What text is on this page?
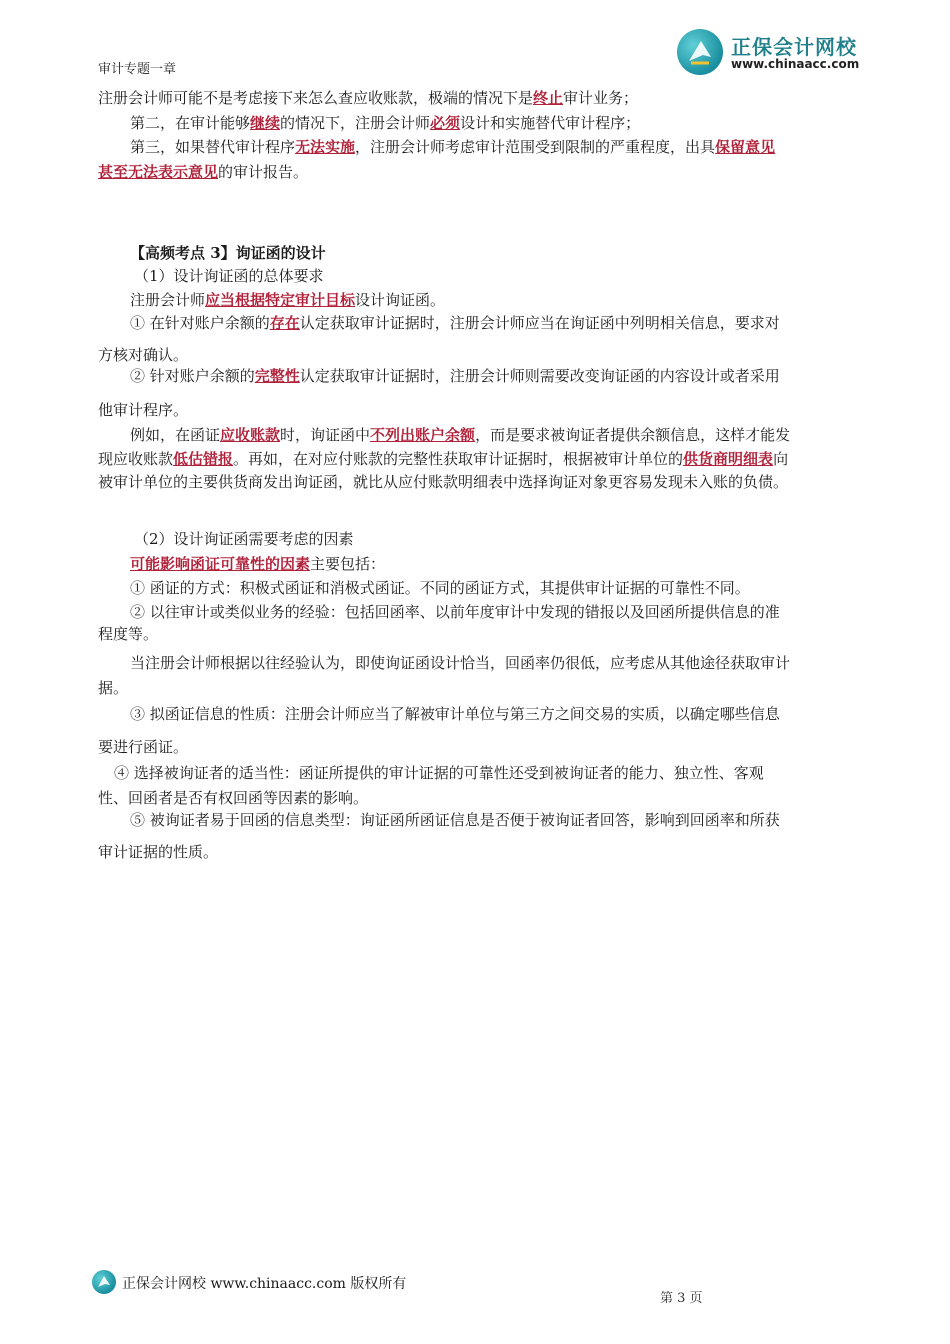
审计专题一章
正保会计网校
www.chinaacc.com
注册会计师可能不是考虑接下来怎么查应收账款，极端的情况下是终止审计业务；
第二，在审计能够继续的情况下，注册会计师必须设计和实施替代审计程序；
第三，如果替代审计程序无法实施，注册会计师考虑审计范围受到限制的严重程度，出具保留意见
甚至无法表示意见的审计报告。
【高频考点 3】询证函的设计
（1）设计询证函的总体要求
注册会计师应当根据特定审计目标设计询证函。
① 在针对账户余额的存在认定获取审计证据时，注册会计师应当在询证函中列明相关信息，要求对
方核对确认。
② 针对账户余额的完整性认定获取审计证据时，注册会计师则需要改变询证函的内容设计或者采用
他审计程序。
例如，在函证应收账款时，询证函中不列出账户余额，而是要求被询证者提供余额信息，这样才能发
现应收账款低估错报。再如，在对应付账款的完整性获取审计证据时，根据被审计单位的供货商明细表向
被审计单位的主要供货商发出询证函，就比从应付账款明细表中选择询证对象更容易发现未入账的负债。
（2）设计询证函需要考虑的因素
可能影响函证可靠性的因素主要包括：
① 函证的方式：积极式函证和消极式函证。不同的函证方式，其提供审计证据的可靠性不同。
② 以往审计或类似业务的经验：包括回函率、以前年度审计中发现的错报以及回函所提供信息的准
程度等。
当注册会计师根据以往经验认为，即使询证函设计恰当，回函率仍很低，应考虑从其他途径获取审计
据。
③ 拟函证信息的性质：注册会计师应当了解被审计单位与第三方之间交易的实质，以确定哪些信息
要进行函证。
④ 选择被询证者的适当性：函证所提供的审计证据的可靠性还受到被询证者的能力、独立性、客观
性、回函者是否有权回函等因素的影响。
⑤ 被询证者易于回函的信息类型：询证函所函证信息是否便于被询证者回答，影响到回函率和所获
审计证据的性质。
正保会计网校 www.chinaacc.com 版权所有
第 3 页
